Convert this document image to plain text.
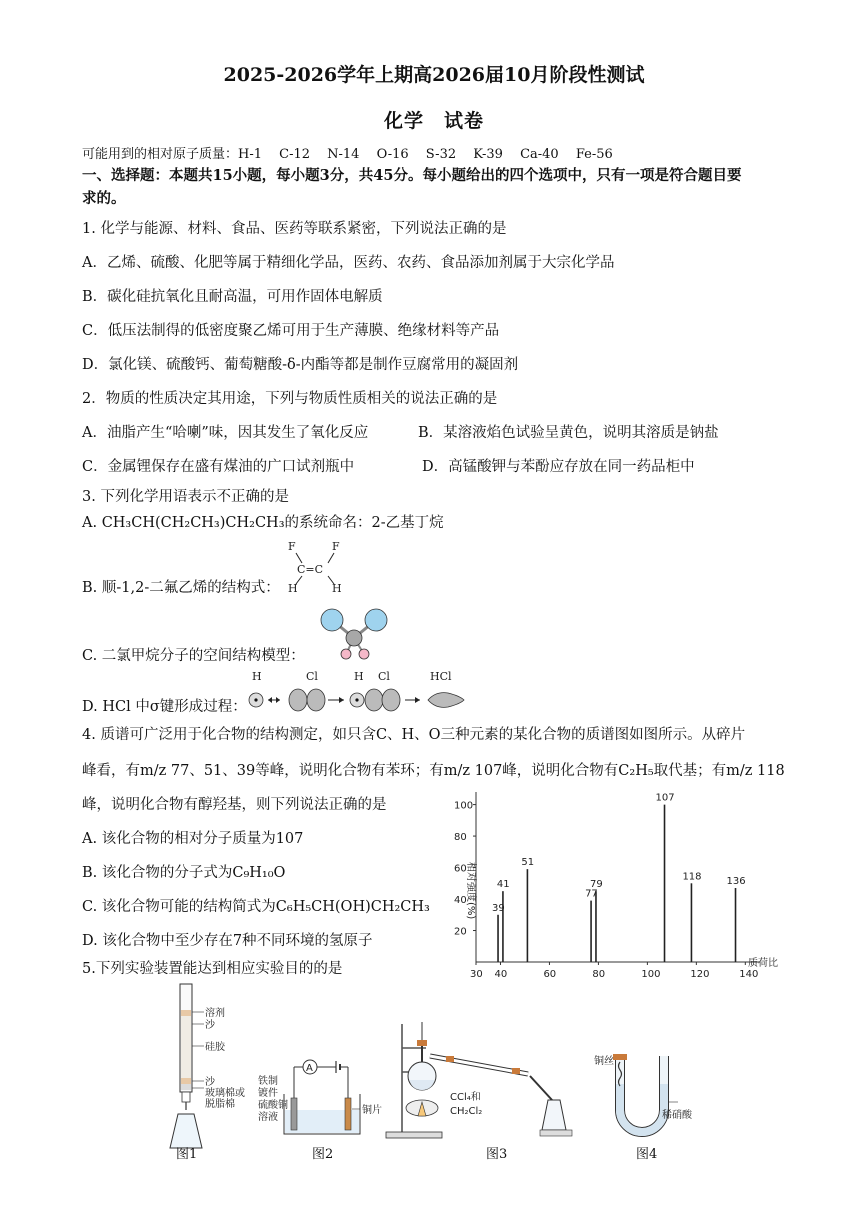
2025-2026学年上期高2026届10月阶段性测试
化学　试卷
可能用到的相对原子质量：H-1　 C-12　 N-14　 O-16　 S-32　 K-39　 Ca-40　 Fe-56
一、选择题：本题共15小题，每小题3分，共45分。每小题给出的四个选项中，只有一项是符合题目要
求的。
1. 化学与能源、材料、食品、医药等联系紧密，下列说法正确的是
A．乙烯、硫酸、化肥等属于精细化学品，医药、农药、食品添加剂属于大宗化学品
B．碳化硅抗氧化且耐高温，可用作固体电解质
C．低压法制得的低密度聚乙烯可用于生产薄膜、绝缘材料等产品
D．氯化镁、硫酸钙、葡萄糖酸-δ-内酯等都是制作豆腐常用的凝固剂
2．物质的性质决定其用途，下列与物质性质相关的说法正确的是
A．油脂产生“哈喇”味，因其发生了氧化反应	B．某溶液焰色试验呈黄色，说明其溶质是钠盐
C．金属锂保存在盛有煤油的广口试剂瓶中	D．高锰酸钾与苯酚应存放在同一药品柜中
3. 下列化学用语表示不正确的是
A. CH₃CH(CH₂CH₃)CH₂CH₃的系统命名：2-乙基丁烷
B. 顺-1,2-二氟乙烯的结构式：
F	F
C=C
H	H
C. 二氯甲烷分子的空间结构模型：
D. HCl 中σ键形成过程：
H	Cl	H Cl	HCl
4. 质谱可广泛用于化合物的结构测定，如只含C、H、O三种元素的某化合物的质谱图如图所示。从碎片
峰看，有m/z 77、51、39等峰，说明化合物有苯环；有m/z 107峰，说明化合物有C₂H₅取代基；有m/z 118
峰，说明化合物有醇羟基，则下列说法正确的是
A. 该化合物的相对分子质量为107
B. 该化合物的分子式为C₉H₁₀O
C. 该化合物可能的结构简式为C₆H₅CH(OH)CH₂CH₃
D. 该化合物中至少存在7种不同环境的氢原子
相对强度(%)
质荷比
30 40	60	80	100	120	140
20
40
60
80
100
39
41
51
77
79
107
118 136
5.下列实验装置能达到相应实验目的的是
溶剂
沙
硅胶
沙
玻璃棉或
脱脂棉
图1
A
铁制
镀件
硫酸铜
溶液
铜片
图2
CCl₄和
CH₂Cl₂
图3
铜丝
稀硝酸
图4
